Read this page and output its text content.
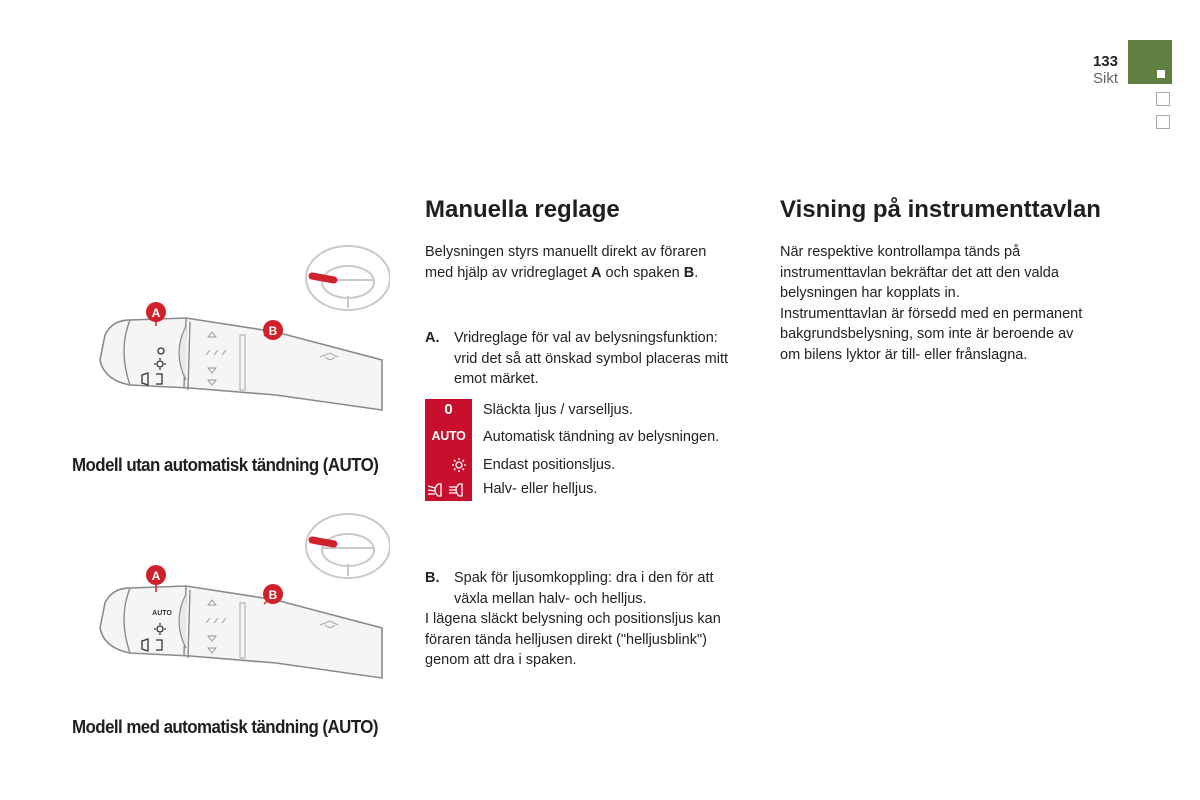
133
Sikt
A
B
Modell utan automatisk tändning (AUTO)
AUTO
A
B
Modell med automatisk tändning (AUTO)
Manuella reglage
Belysningen styrs manuellt direkt av föraren
med hjälp av vridreglaget A och spaken B.
A. Vridreglage för val av belysningsfunktion:
vrid det så att önskad symbol placeras mitt
emot märket.
0
AUTO
Släckta ljus / varselljus.
Automatisk tändning av belysningen.
Endast positionsljus.
Halv- eller helljus.
B. Spak för ljusomkoppling: dra i den för att
växla mellan halv- och helljus.
I lägena släckt belysning och positionsljus kan
föraren tända helljusen direkt ("helljusblink")
genom att dra i spaken.
Visning på instrumenttavlan
När respektive kontrollampa tänds på
instrumenttavlan bekräftar det att den valda
belysningen har kopplats in.
Instrumenttavlan är försedd med en permanent
bakgrundsbelysning, som inte är beroende av
om bilens lyktor är till- eller frånslagna.
